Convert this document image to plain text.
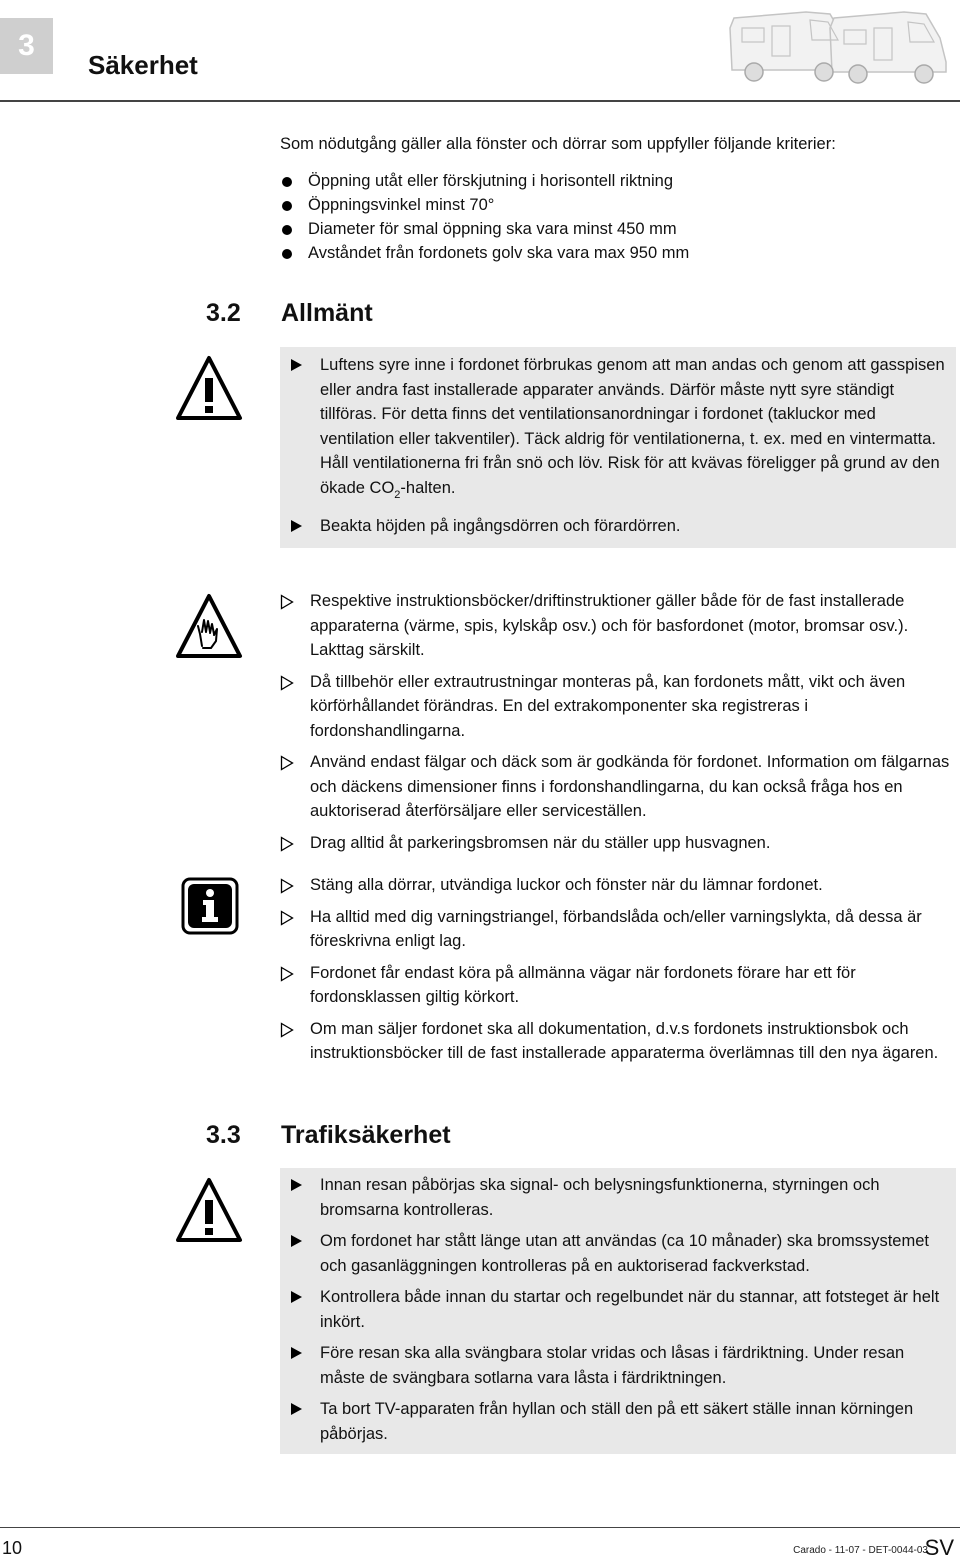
3
Säkerhet
Som nödutgång gäller alla fönster och dörrar som uppfyller följande kriterier:
Öppning utåt eller förskjutning i horisontell riktning
Öppningsvinkel minst 70°
Diameter för smal öppning ska vara minst 450 mm
Avståndet från fordonets golv ska vara max 950 mm
3.2 Allmänt
Luftens syre inne i fordonet förbrukas genom att man andas och genom att gasspisen eller andra fast installerade apparater används. Därför måste nytt syre ständigt tillföras. För detta finns det ventilationsanordningar i fordonet (takluckor med ventilation eller takventiler). Täck aldrig för ventilationerna, t. ex. med en vintermatta. Håll ventilationerna fri från snö och löv. Risk för att kvävas föreligger på grund av den ökade $CO_2$-halten.
Beakta höjden på ingångsdörren och förardörren.
Respektive instruktionsböcker/driftinstruktioner gäller både för de fast installerade apparaterna (värme, spis, kylskåp osv.) och för basfordonet (motor, bromsar osv.). Lakttag särskilt.
Då tillbehör eller extrautrustningar monteras på, kan fordonets mått, vikt och även körförhållandet förändras. En del extrakomponenter ska registreras i fordonshandlingarna.
Använd endast fälgar och däck som är godkända för fordonet. Information om fälgarnas och däckens dimensioner finns i fordonshandlingarna, du kan också fråga hos en auktoriserad återförsäljare eller serviceställen.
Drag alltid åt parkeringsbromsen när du ställer upp husvagnen.
Stäng alla dörrar, utvändiga luckor och fönster när du lämnar fordonet.
Ha alltid med dig varningstriangel, förbandslåda och/eller varningslykta, då dessa är föreskrivna enligt lag.
Fordonet får endast köra på allmänna vägar när fordonets förare har ett för fordonsklassen giltig körkort.
Om man säljer fordonet ska all dokumentation, d.v.s fordonets instruktionsbok och instruktionsböcker till de fast installerade apparaterma överlämnas till den nya ägaren.
3.3 Trafiksäkerhet
Innan resan påbörjas ska signal- och belysningsfunktionerna, styrningen och bromsarna kontrolleras.
Om fordonet har stått länge utan att användas (ca 10 månader) ska bromssystemet och gasanläggningen kontrolleras på en auktoriserad fackverkstad.
Kontrollera både innan du startar och regelbundet när du stannar, att fotsteget är helt inkört.
Före resan ska alla svängbara stolar vridas och låsas i färdriktning. Under resan måste de svängbara sotlarna vara låsta i färdriktningen.
Ta bort TV-apparaten från hyllan och ställ den på ett säkert ställe innan körningen påbörjas.
10	Carado - 11-07 - DET-0044-03
SV
